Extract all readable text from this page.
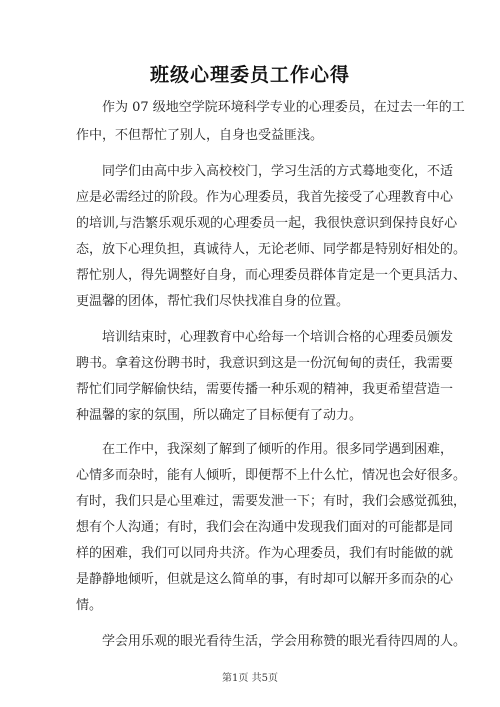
班级心理委员工作心得
作为 07 级地空学院环境科学专业的心理委员，在过去一年的工
作中，不但帮忙了别人，自身也受益匪浅。
同学们由高中步入高校校门，学习生活的方式蓦地变化，不适
应是必需经过的阶段。作为心理委员，我首先接受了心理教育中心
的培训,与浩繁乐观乐观的心理委员一起，我很快意识到保持良好心
态，放下心理负担，真诚待人，无论老师、同学都是特别好相处的。
帮忙别人，得先调整好自身，而心理委员群体肯定是一个更具活力、
更温馨的团体，帮忙我们尽快找准自身的位置。
培训结束时，心理教育中心给每一个培训合格的心理委员颁发
聘书。拿着这份聘书时，我意识到这是一份沉甸甸的责任，我需要
帮忙们同学解偷快结，需要传播一种乐观的精神，我更希望营造一
种温馨的家的氛围，所以确定了目标便有了动力。
在工作中，我深刻了解到了倾听的作用。很多同学遇到困难，
心情多而杂时，能有人倾听，即便帮不上什么忙，情况也会好很多。
有时，我们只是心里难过，需要发泄一下；有时，我们会感觉孤独，
想有个人沟通；有时，我们会在沟通中发现我们面对的可能都是同
样的困难，我们可以同舟共济。作为心理委员，我们有时能做的就
是静静地倾听，但就是这么简单的事，有时却可以解开多而杂的心
情。
学会用乐观的眼光看待生活，学会用称赞的眼光看待四周的人。
第1页 共5页
